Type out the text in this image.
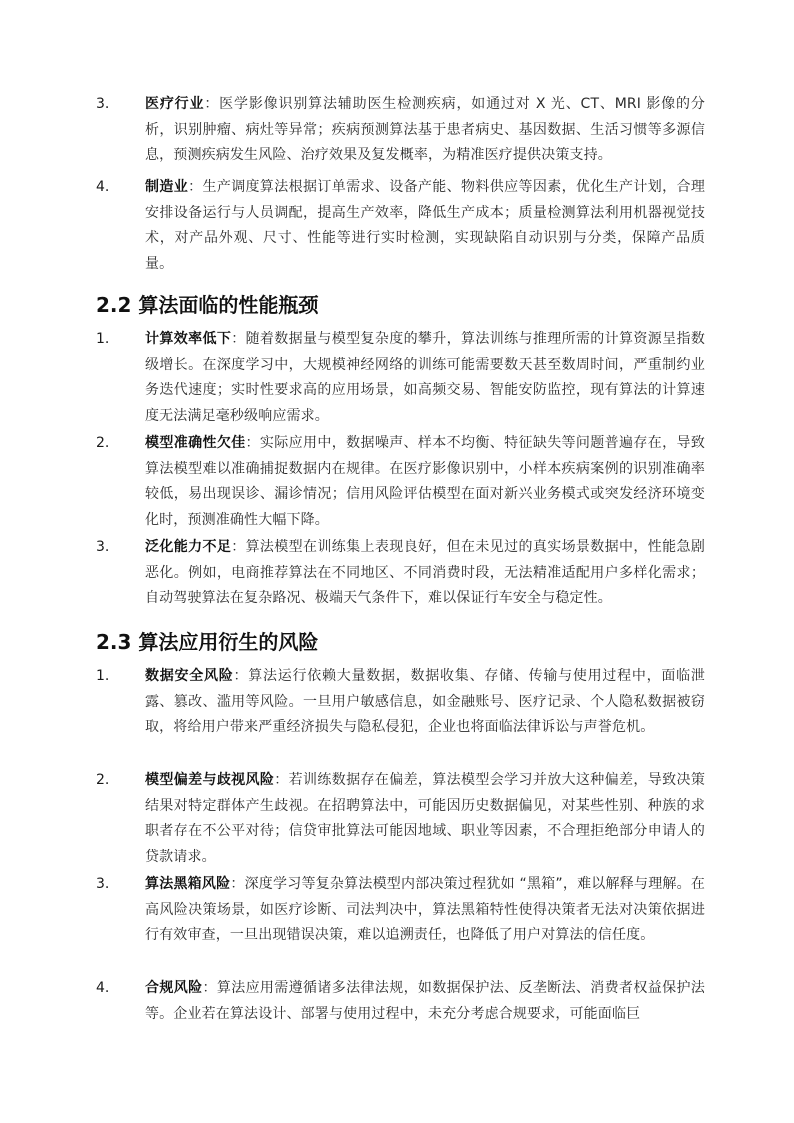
3.	医疗行业：医学影像识别算法辅助医生检测疾病，如通过对 X 光、CT、MRI 影像的分析，识别肿瘤、病灶等异常；疾病预测算法基于患者病史、基因数据、生活习惯等多源信息，预测疾病发生风险、治疗效果及复发概率，为精准医疗提供决策支持。
4.	制造业：生产调度算法根据订单需求、设备产能、物料供应等因素，优化生产计划，合理安排设备运行与人员调配，提高生产效率，降低生产成本；质量检测算法利用机器视觉技术，对产品外观、尺寸、性能等进行实时检测，实现缺陷自动识别与分类，保障产品质量。
2.2 算法面临的性能瓶颈
1.	计算效率低下：随着数据量与模型复杂度的攀升，算法训练与推理所需的计算资源呈指数级增长。在深度学习中，大规模神经网络的训练可能需要数天甚至数周时间，严重制约业务迭代速度；实时性要求高的应用场景，如高频交易、智能安防监控，现有算法的计算速度无法满足毫秒级响应需求。
2.	模型准确性欠佳：实际应用中，数据噪声、样本不均衡、特征缺失等问题普遍存在，导致算法模型难以准确捕捉数据内在规律。在医疗影像识别中，小样本疾病案例的识别准确率较低，易出现误诊、漏诊情况；信用风险评估模型在面对新兴业务模式或突发经济环境变化时，预测准确性大幅下降。
3.	泛化能力不足：算法模型在训练集上表现良好，但在未见过的真实场景数据中，性能急剧恶化。例如，电商推荐算法在不同地区、不同消费时段，无法精准适配用户多样化需求；自动驾驶算法在复杂路况、极端天气条件下，难以保证行车安全与稳定性。
2.3 算法应用衍生的风险
1.	数据安全风险：算法运行依赖大量数据，数据收集、存储、传输与使用过程中，面临泄露、篡改、滥用等风险。一旦用户敏感信息，如金融账号、医疗记录、个人隐私数据被窃取，将给用户带来严重经济损失与隐私侵犯，企业也将面临法律诉讼与声誉危机。
2.	模型偏差与歧视风险：若训练数据存在偏差，算法模型会学习并放大这种偏差，导致决策结果对特定群体产生歧视。在招聘算法中，可能因历史数据偏见，对某些性别、种族的求职者存在不公平对待；信贷审批算法可能因地域、职业等因素，不合理拒绝部分申请人的贷款请求。
3.	算法黑箱风险：深度学习等复杂算法模型内部决策过程犹如 “黑箱”，难以解释与理解。在高风险决策场景，如医疗诊断、司法判决中，算法黑箱特性使得决策者无法对决策依据进行有效审查，一旦出现错误决策，难以追溯责任，也降低了用户对算法的信任度。
4.	合规风险：算法应用需遵循诸多法律法规，如数据保护法、反垄断法、消费者权益保护法等。企业若在算法设计、部署与使用过程中，未充分考虑合规要求，可能面临巨
